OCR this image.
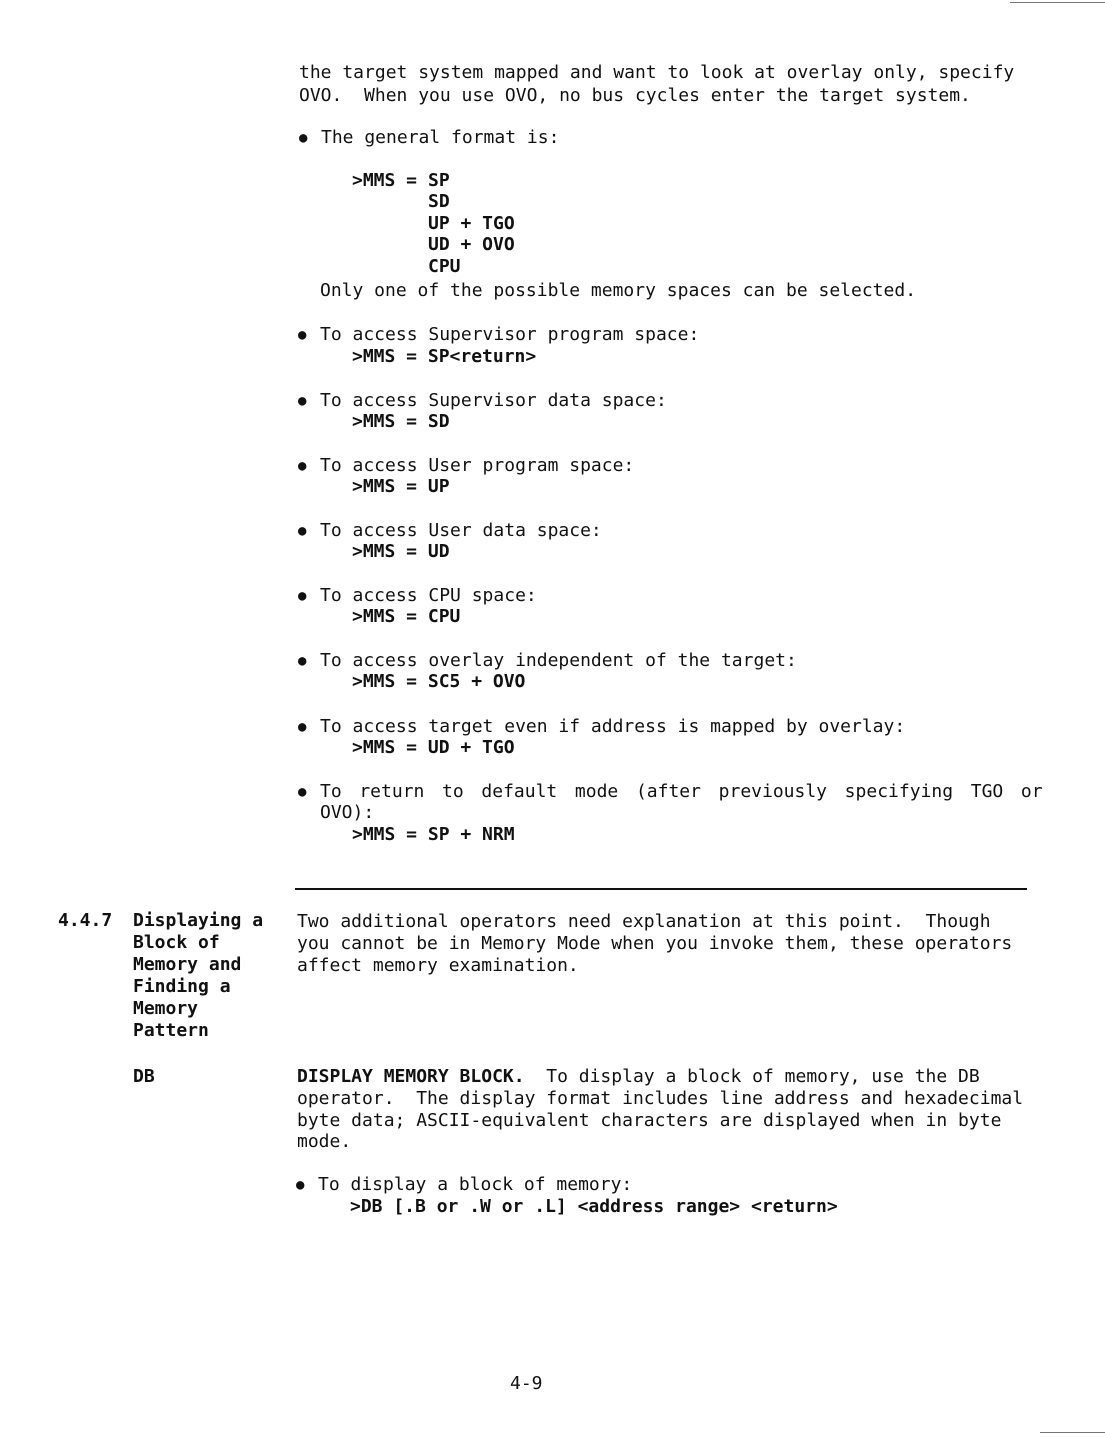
the target system mapped and want to look at overlay only, specify
OVO.  When you use OVO, no bus cycles enter the target system.
● The general format is:
>MMS = SP
SD
UP + TGO
UD + OVO
CPU
Only one of the possible memory spaces can be selected.
● To access Supervisor program space:
>MMS = SP<return>
● To access Supervisor data space:
>MMS = SD
● To access User program space:
>MMS = UP
● To access User data space:
>MMS = UD
● To access CPU space:
>MMS = CPU
● To access overlay independent of the target:
>MMS = SC5 + OVO
● To access target even if address is mapped by overlay:
>MMS = UD + TGO
● To  return  to  default  mode  (after  previously  specifying  TGO  or
OVO):
>MMS = SP + NRM
4.4.7 Displaying a
Block of
Memory and
Finding a
Memory
Pattern
Two additional operators need explanation at this point.  Though
you cannot be in Memory Mode when you invoke them, these operators
affect memory examination.
DB	DISPLAY MEMORY BLOCK.  To display a block of memory, use the DB
operator.  The display format includes line address and hexadecimal
byte data; ASCII-equivalent characters are displayed when in byte
mode.
● To display a block of memory:
>DB [.B or .W or .L] <address range> <return>
4-9
